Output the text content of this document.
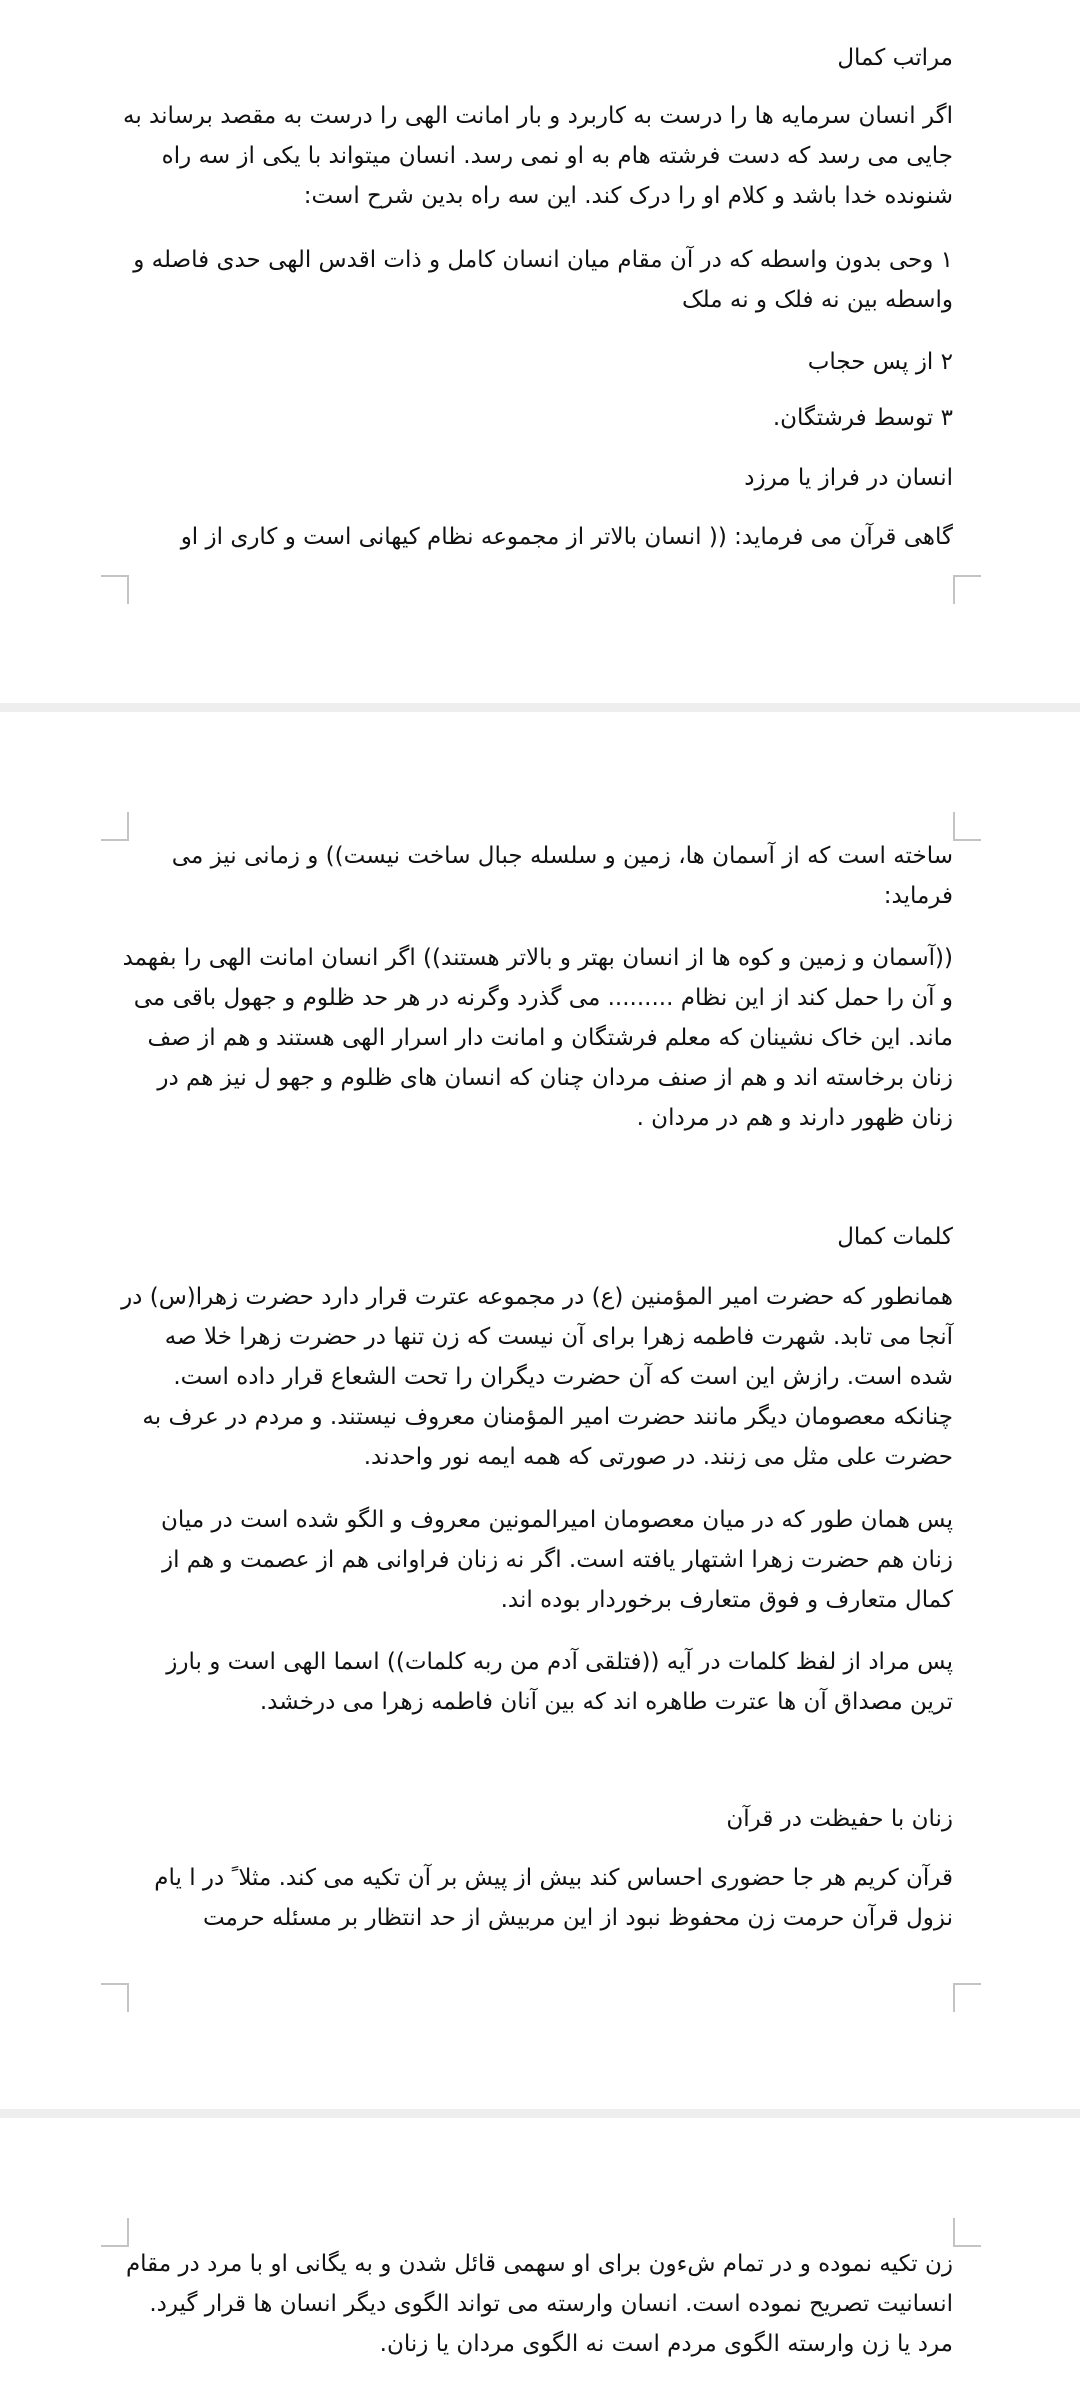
مراتب کمال

اگر انسان سرمایه ها را درست به کاربرد و بار امانت الهی را درست به مقصد برساند به جایی می رسد که دست فرشته هام به او نمی رسد. انسان میتواند با یکی از سه راه شنونده خدا باشد و کلام او را درک کند. این سه راه بدین شرح است:

۱ وحی بدون واسطه که در آن مقام میان انسان کامل و ذات اقدس الهی حدی فاصله و واسطه بین نه فلک و نه ملک

۲ از پس حجاب

۳ توسط فرشتگان.

انسان در فراز یا مرزد

گاهی قرآن می فرماید: (( انسان بالاتر از مجموعه نظام کیهانی است و کاری از او

ساخته است که از آسمان ها، زمین و سلسله جبال ساخت نیست)) و زمانی نیز می فرماید:

((آسمان و زمین و کوه ها از انسان بهتر و بالاتر هستند)) اگر انسان امانت الهی را بفهمد و آن را حمل کند از این نظام ......... می گذرد وگرنه در هر حد ظلوم و جهول باقی می ماند. این خاک نشینان که معلم فرشتگان و امانت دار اسرار الهی هستند و هم از صف زنان برخاسته اند و هم از صنف مردان چنان که انسان های ظلوم و جهو ل نیز هم در زنان ظهور دارند و هم در مردان .

کلمات کمال

همانطور که حضرت امیر المؤمنین (ع) در مجموعه عترت قرار دارد حضرت زهرا(س) در آنجا می تابد. شهرت فاطمه زهرا برای آن نیست که زن تنها در حضرت زهرا خلا صه شده است. رازش این است که آن حضرت دیگران را تحت الشعاع قرار داده است. چنانکه معصومان دیگر مانند حضرت امیر المؤمنان معروف نیستند. و مردم در عرف به حضرت علی مثل می زنند. در صورتی که همه ایمه نور واحدند.

پس همان طور که در میان معصومان امیرالمونین معروف و الگو شده است در میان زنان هم حضرت زهرا اشتهار یافته است. اگر نه زنان فراوانی هم از عصمت و هم از کمال متعارف و فوق متعارف برخوردار بوده اند.

پس مراد از لفظ کلمات در آیه ((فتلقی آدم من ربه کلمات)) اسما الهی است و بارز ترین مصداق آن ها عترت طاهره اند که بین آنان فاطمه زهرا می درخشد.

زنان با حفیظت در قرآن

قرآن کریم هر جا حضوری احساس کند بیش از پیش بر آن تکیه می کند. مثلا ً در ا یام نزول قرآن حرمت زن محفوظ نبود از این مربیش از حد انتظار بر مسئله حرمت

زن تکیه نموده و در تمام شءون برای او سهمی قائل شدن و به یگانی او با مرد در مقام انسانیت تصریح نموده است. انسان وارسته می تواند الگوی دیگر انسان ها قرار گیرد. مرد یا زن وارسته الگوی مردم است نه الگوی مردان یا زنان.
